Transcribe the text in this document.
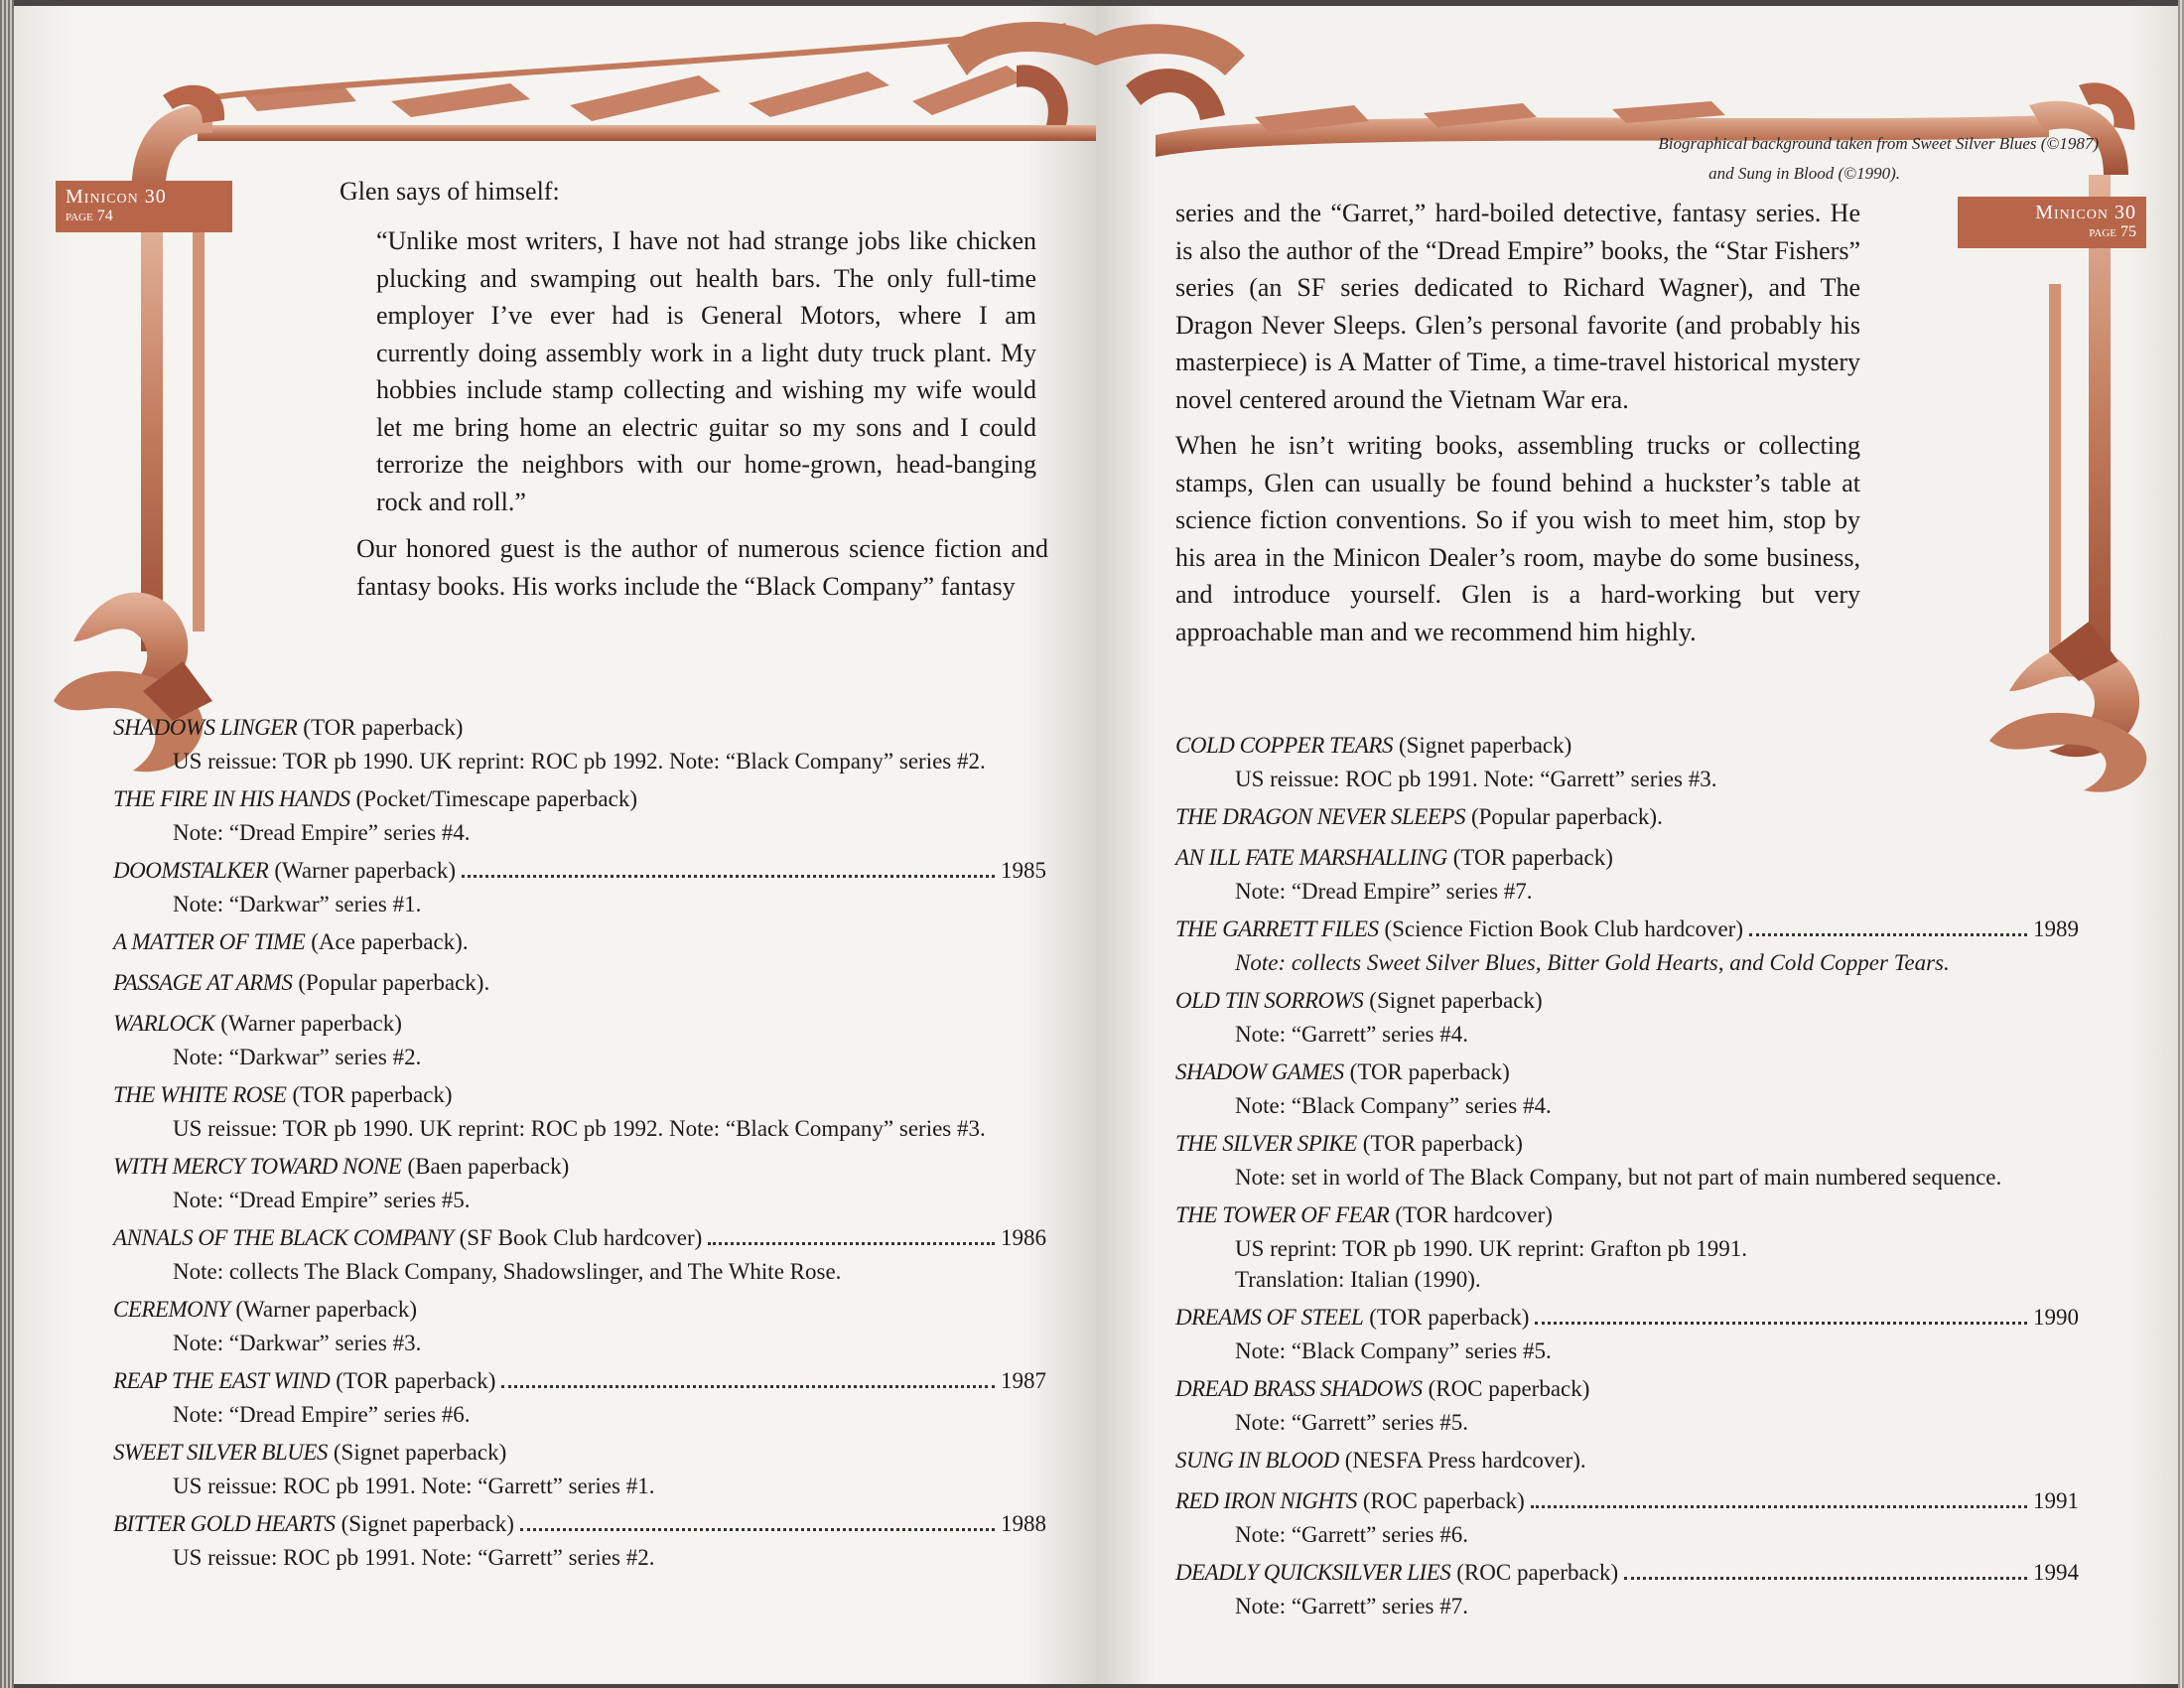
Minicon 30
page 74
Glen says of himself:

“Unlike most writers, I have not had strange jobs like chicken plucking and swamping out health bars. The only full-time employer I’ve ever had is General Motors, where I am currently doing assembly work in a light duty truck plant. My hobbies include stamp collecting and wishing my wife would let me bring home an electric guitar so my sons and I could terrorize the neighbors with our home-grown, head-banging rock and roll.”

Our honored guest is the author of numerous science fiction and fantasy books. His works include the “Black Company” fantasy

SHADOWS LINGER (TOR paperback)
US reissue: TOR pb 1990. UK reprint: ROC pb 1992. Note: “Black Company” series #2.
THE FIRE IN HIS HANDS (Pocket/Timescape paperback)
Note: “Dread Empire” series #4.
DOOMSTALKER (Warner paperback)	1985
Note: “Darkwar” series #1.
A MATTER OF TIME (Ace paperback).
PASSAGE AT ARMS (Popular paperback).
WARLOCK (Warner paperback)
Note: “Darkwar” series #2.
THE WHITE ROSE (TOR paperback)
US reissue: TOR pb 1990. UK reprint: ROC pb 1992. Note: “Black Company” series #3.
WITH MERCY TOWARD NONE (Baen paperback)
Note: “Dread Empire” series #5.
ANNALS OF THE BLACK COMPANY (SF Book Club hardcover)	1986
Note: collects The Black Company, Shadowslinger, and The White Rose.
CEREMONY (Warner paperback)
Note: “Darkwar” series #3.
REAP THE EAST WIND (TOR paperback)	1987
Note: “Dread Empire” series #6.
SWEET SILVER BLUES (Signet paperback)
US reissue: ROC pb 1991. Note: “Garrett” series #1.
BITTER GOLD HEARTS (Signet paperback)	1988
US reissue: ROC pb 1991. Note: “Garrett” series #2.
Biographical background taken from Sweet Silver Blues (©1987)
and Sung in Blood (©1990).
Minicon 30
page 75

series and the “Garret,” hard-boiled detective, fantasy series. He is also the author of the “Dread Empire” books, the “Star Fishers” series (an SF series dedicated to Richard Wagner), and The Dragon Never Sleeps. Glen’s personal favorite (and probably his masterpiece) is A Matter of Time, a time-travel historical mystery novel centered around the Vietnam War era.

When he isn’t writing books, assembling trucks or collecting stamps, Glen can usually be found behind a huckster’s table at science fiction conventions. So if you wish to meet him, stop by his area in the Minicon Dealer’s room, maybe do some business, and introduce yourself. Glen is a hard-working but very approachable man and we recommend him highly.

COLD COPPER TEARS (Signet paperback)
US reissue: ROC pb 1991. Note: “Garrett” series #3.
THE DRAGON NEVER SLEEPS (Popular paperback).
AN ILL FATE MARSHALLING (TOR paperback)
Note: “Dread Empire” series #7.
THE GARRETT FILES (Science Fiction Book Club hardcover)	1989
Note: collects Sweet Silver Blues, Bitter Gold Hearts, and Cold Copper Tears.
OLD TIN SORROWS (Signet paperback)
Note: “Garrett” series #4.
SHADOW GAMES (TOR paperback)
Note: “Black Company” series #4.
THE SILVER SPIKE (TOR paperback)
Note: set in world of The Black Company, but not part of main numbered sequence.
THE TOWER OF FEAR (TOR hardcover)
US reprint: TOR pb 1990. UK reprint: Grafton pb 1991.
Translation: Italian (1990).
DREAMS OF STEEL (TOR paperback)	1990
Note: “Black Company” series #5.
DREAD BRASS SHADOWS (ROC paperback)
Note: “Garrett” series #5.
SUNG IN BLOOD (NESFA Press hardcover).
RED IRON NIGHTS (ROC paperback)	1991
Note: “Garrett” series #6.
DEADLY QUICKSILVER LIES (ROC paperback)	1994
Note: “Garrett” series #7.
